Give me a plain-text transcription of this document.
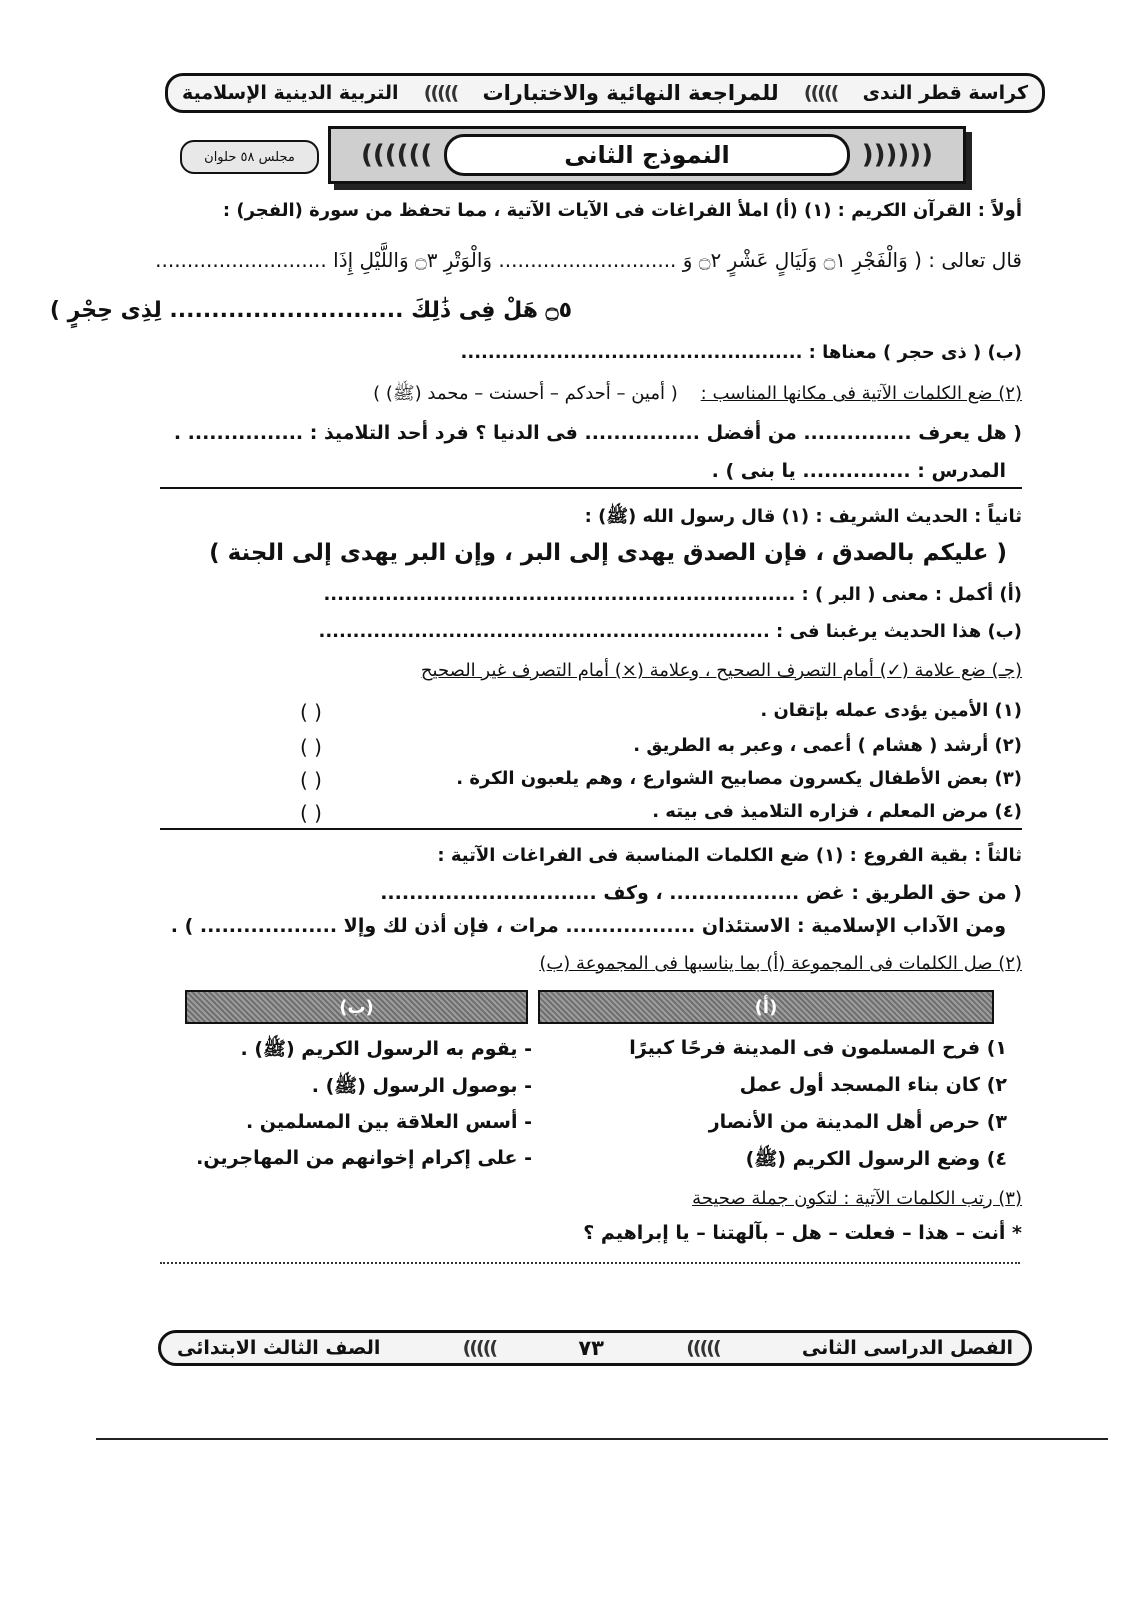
كراسة قطر الندى
)))))
للمراجعة النهائية والاختبارات
)))))
التربية الدينية الإسلامية
((((((	النموذج الثانى	))))))
مجلس ٥٨ حلوان
أولاً : القرآن الكريم : (١) (أ) املأ الفراغات فى الآيات الآتية ، مما تحفظ من سورة (الفجر) :
قال تعالى : ( وَالْفَجْرِ ۝١ وَلَيَالٍ عَشْرٍ ۝٢ وَ ............................ وَالْوَتْرِ ۝٣ وَاللَّيْلِ إِذَا ...........................
۝٥ هَلْ فِى ذَٰلِكَ ............................ لِذِى حِجْرٍ )
(ب) ( ذى حجر ) معناها : ..................................................
(٢) ضع الكلمات الآتية فى مكانها المناسب :    ( أمين – أحدكم – أحسنت – محمد (ﷺ) )
( هل يعرف ............... من أفضل ................ فى الدنيا ؟ فرد أحد التلاميذ : ................ .
المدرس : ............... يا بنى ) .
ثانياً : الحديث الشريف : (١) قال رسول الله (ﷺ) :
( عليكم بالصدق ، فإن الصدق يهدى إلى البر ، وإن البر يهدى إلى الجنة )
(أ) أكمل : معنى ( البر ) : .....................................................................
(ب) هذا الحديث يرغبنا فى : ..................................................................
(جـ) ضع علامة (✓) أمام التصرف الصحيح ، وعلامة (×) أمام التصرف غير الصحيح
(١) الأمين يؤدى عمله بإتقان .
(٢) أرشد ( هشام ) أعمى ، وعبر به الطريق .
(٣) بعض الأطفال يكسرون مصابيح الشوارع ، وهم يلعبون الكرة .
(٤) مرض المعلم ، فزاره التلاميذ فى بيته .
( )
( )
( )
( )
ثالثاً : بقية الفروع : (١) ضع الكلمات المناسبة فى الفراغات الآتية :
( من حق الطريق : غض .................. ، وكف ..............................
ومن الآداب الإسلامية : الاستئذان .................. مرات ، فإن أذن لك وإلا ................... ) .
(٢) صل الكلمات فى المجموعة (أ) بما يناسبها فى المجموعة (ب)
(أ)
(ب)
١) فرح المسلمون فى المدينة فرحًا كبيرًا
٢) كان بناء المسجد أول عمل
٣) حرص أهل المدينة من الأنصار
٤) وضع الرسول الكريم (ﷺ)
- يقوم به الرسول الكريم (ﷺ) .
- بوصول الرسول (ﷺ) .
- أسس العلاقة بين المسلمين .
- على إكرام إخوانهم من المهاجرين.
(٣) رتب الكلمات الآتية : لتكون جملة صحيحة
* أنت – هذا – فعلت – هل – بآلهتنا – يا إبراهيم ؟
الفصل الدراسى الثانى
)))))
٧٣
)))))
الصف الثالث الابتدائى
